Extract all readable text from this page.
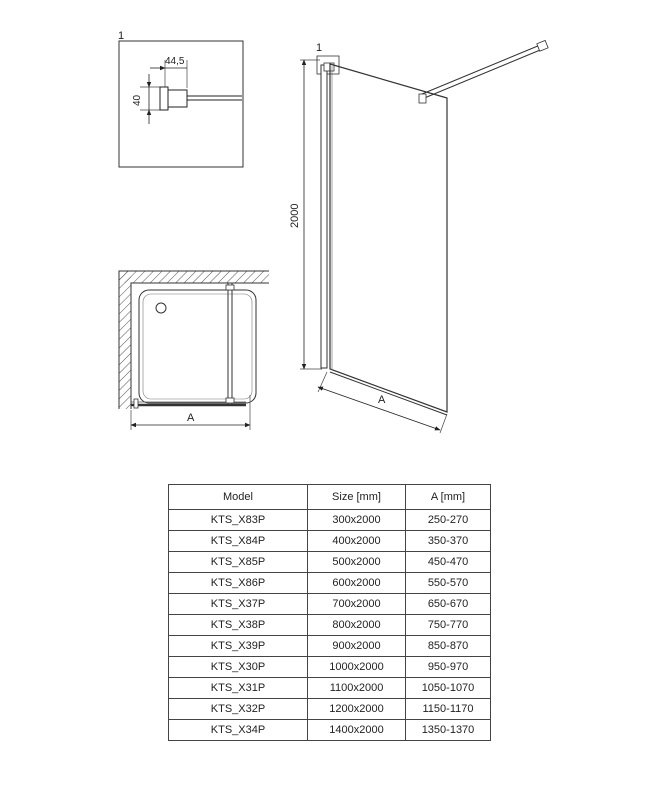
1
44,5
40
A
1
2000
A
Model	Size [mm]	A [mm]
KTS_X83P	300x2000	250-270
KTS_X84P	400x2000	350-370
KTS_X85P	500x2000	450-470
KTS_X86P	600x2000	550-570
KTS_X37P	700x2000	650-670
KTS_X38P	800x2000	750-770
KTS_X39P	900x2000	850-870
KTS_X30P	1000x2000	950-970
KTS_X31P	1100x2000	1050-1070
KTS_X32P	1200x2000	1150-1170
KTS_X34P	1400x2000	1350-1370
